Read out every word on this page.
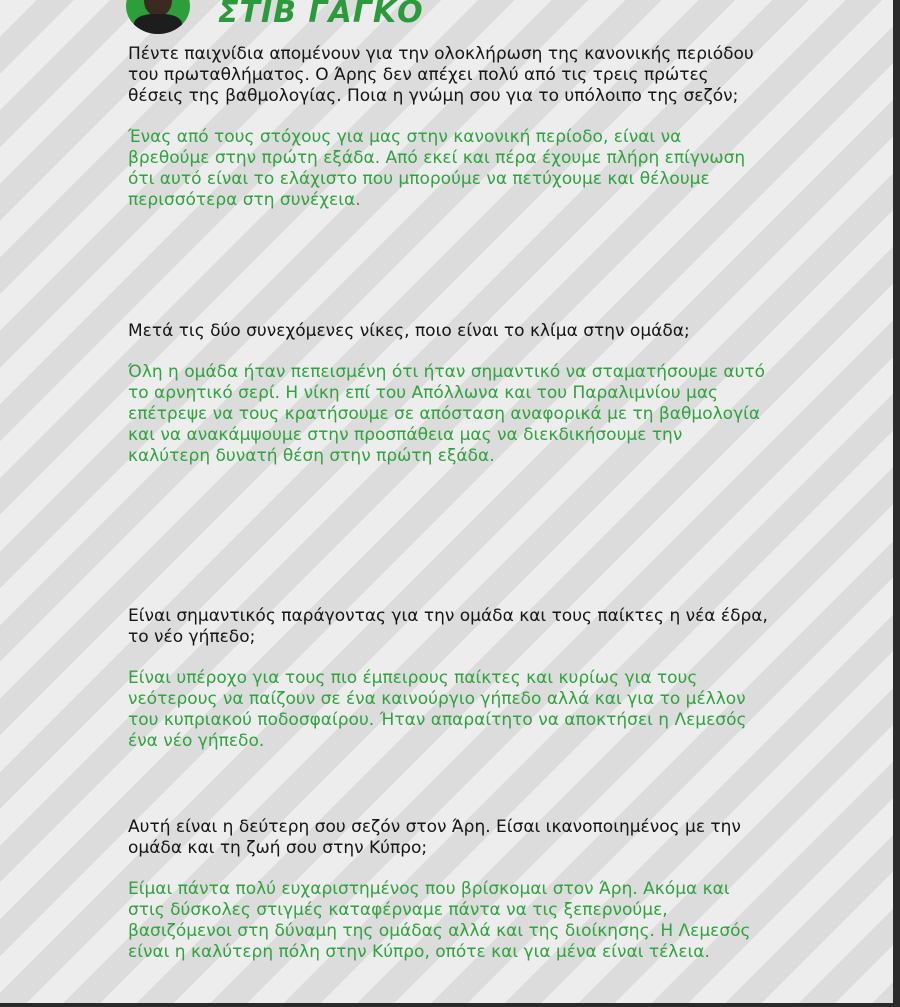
ΣΤΙΒ ΓΑΓΚΟ

Πέντε παιχνίδια απομένουν για την ολοκλήρωση της κανονικής περιόδου του πρωταθλήματος. Ο Άρης δεν απέχει πολύ από τις τρεις πρώτες θέσεις της βαθμολογίας. Ποια η γνώμη σου για το υπόλοιπο της σεζόν;

Ένας από τους στόχους για μας στην κανονική περίοδο, είναι να βρεθούμε στην πρώτη εξάδα. Από εκεί και πέρα έχουμε πλήρη επίγνωση ότι αυτό είναι το ελάχιστο που μπορούμε να πετύχουμε και θέλουμε περισσότερα στη συνέχεια.

Μετά τις δύο συνεχόμενες νίκες, ποιο είναι το κλίμα στην ομάδα;

Όλη η ομάδα ήταν πεπεισμένη ότι ήταν σημαντικό να σταματήσουμε αυτό το αρνητικό σερί. Η νίκη επί του Απόλλωνα και του Παραλιμνίου μας επέτρεψε να τους κρατήσουμε σε απόσταση αναφορικά με τη βαθμολογία και να ανακάμψουμε στην προσπάθεια μας να διεκδικήσουμε την καλύτερη δυνατή θέση στην πρώτη εξάδα.

Είναι σημαντικός παράγοντας για την ομάδα και τους παίκτες η νέα έδρα, το νέο γήπεδο;

Είναι υπέροχο για τους πιο έμπειρους παίκτες και κυρίως για τους νεότερους να παίζουν σε ένα καινούργιο γήπεδο αλλά και για το μέλλον του κυπριακού ποδοσφαίρου. Ήταν απαραίτητο να αποκτήσει η Λεμεσός ένα νέο γήπεδο.

Αυτή είναι η δεύτερη σου σεζόν στον Άρη. Είσαι ικανοποιημένος με την ομάδα και τη ζωή σου στην Κύπρο;

Είμαι πάντα πολύ ευχαριστημένος που βρίσκομαι στον Άρη. Ακόμα και στις δύσκολες στιγμές καταφέρναμε πάντα να τις ξεπερνούμε, βασιζόμενοι στη δύναμη της ομάδας αλλά και της διοίκησης. Η Λεμεσός είναι η καλύτερη πόλη στην Κύπρο, οπότε και για μένα είναι τέλεια.
